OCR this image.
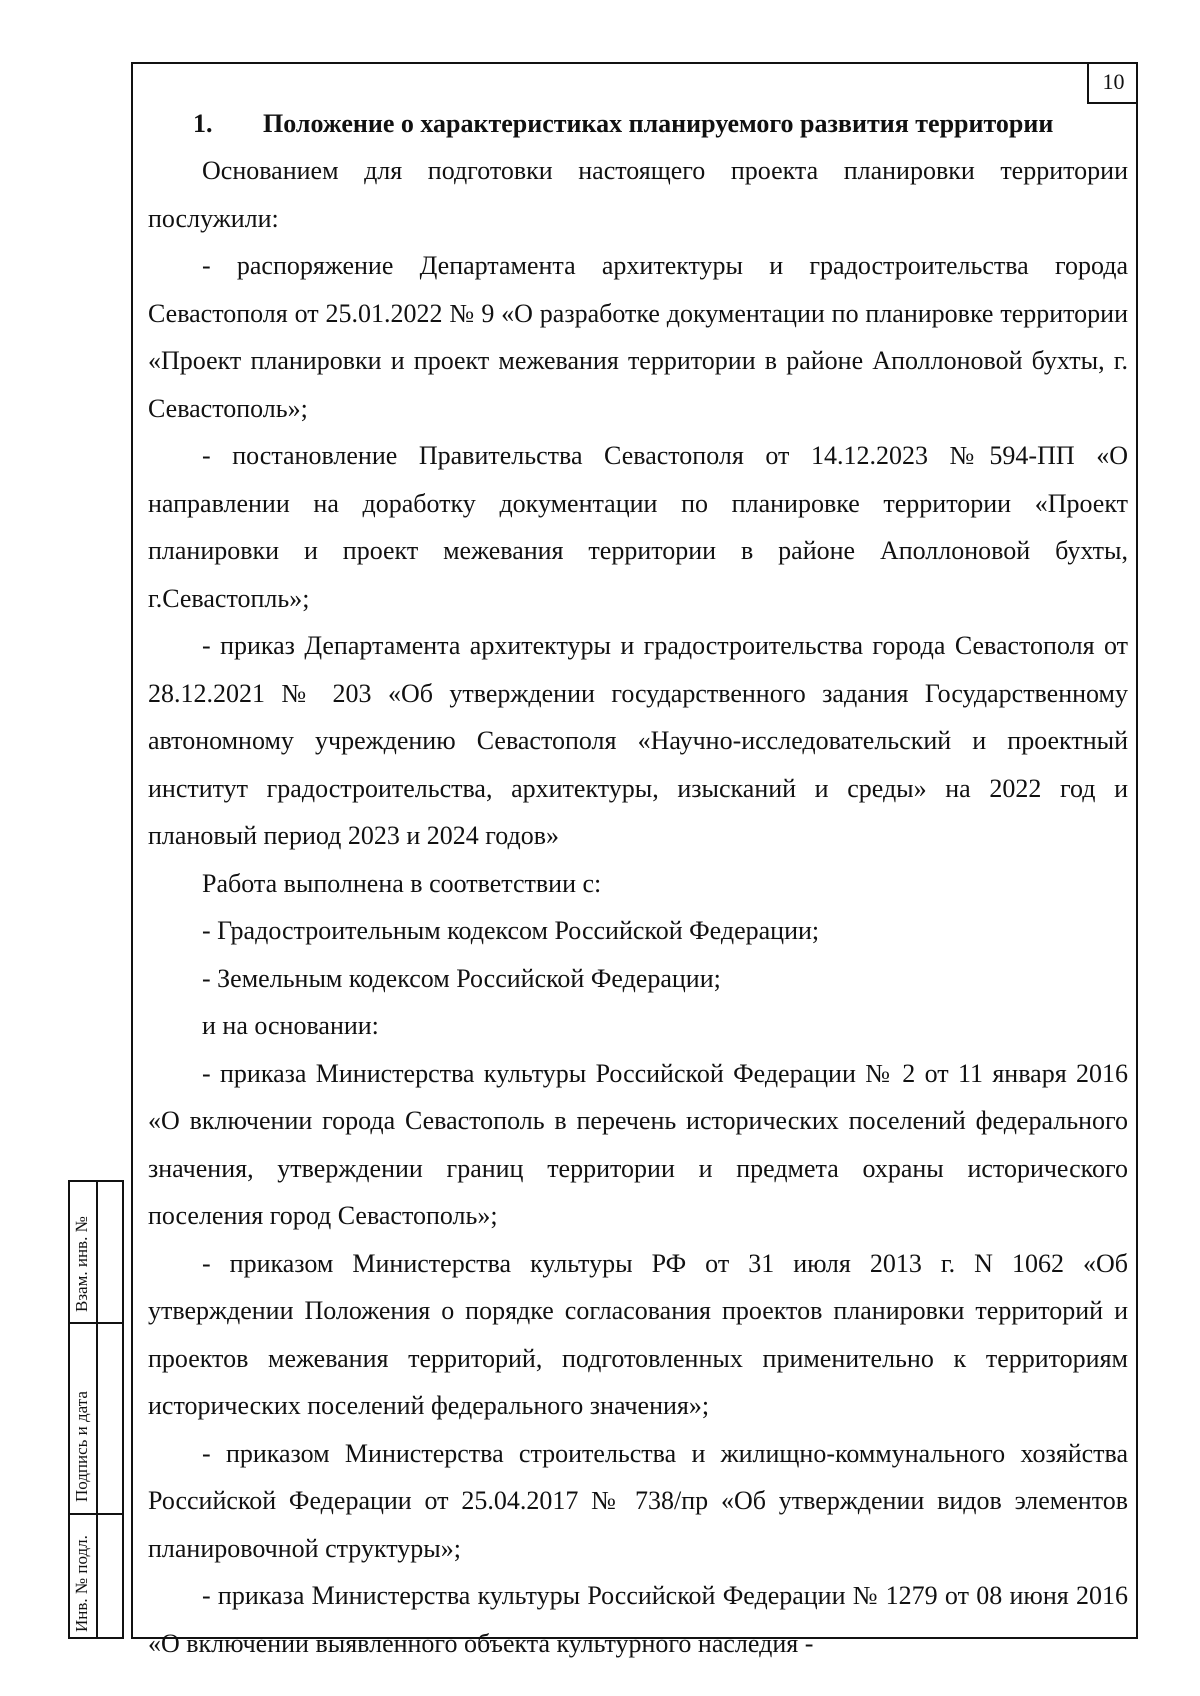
10

1. Положение о характеристиках планируемого развития территории

Основанием для подготовки настоящего проекта планировки территории послужили:

- распоряжение Департамента архитектуры и градостроительства города Севастополя от 25.01.2022 № 9 «О разработке документации по планировке территории «Проект планировки и проект межевания территории в районе Аполлоновой бухты, г. Севастополь»;

- постановление Правительства Севастополя от 14.12.2023 №594-ПП «О направлении на доработку документации по планировке территории «Проект планировки и проект межевания территории в районе Аполлоновой бухты, г.Севастопль»;

- приказ Департамента архитектуры и градостроительства города Севастополя от 28.12.2021 № 203 «Об утверждении государственного задания Государственному автономному учреждению Севастополя «Научно-исследовательский и проектный институт градостроительства, архитектуры, изысканий и среды» на 2022 год и плановый период 2023 и 2024 годов»

Работа выполнена в соответствии с:

- Градостроительным кодексом Российской Федерации;

- Земельным кодексом Российской Федерации;

и на основании:

- приказа Министерства культуры Российской Федерации № 2 от 11 января 2016 «О включении города Севастополь в перечень исторических поселений федерального значения, утверждении границ территории и предмета охраны исторического поселения город Севастополь»;

- приказом Министерства культуры РФ от 31 июля 2013 г. N 1062 «Об утверждении Положения о порядке согласования проектов планировки территорий и проектов межевания территорий, подготовленных применительно к территориям исторических поселений федерального значения»;

- приказом Министерства строительства и жилищно-коммунального хозяйства Российской Федерации от 25.04.2017 № 738/пр «Об утверждении видов элементов планировочной структуры»;

- приказа Министерства культуры Российской Федерации № 1279 от 08 июня 2016 «О включении выявленного объекта культурного наследия -

Взам. инв. №
Подпись и дата
Инв. № подл.
